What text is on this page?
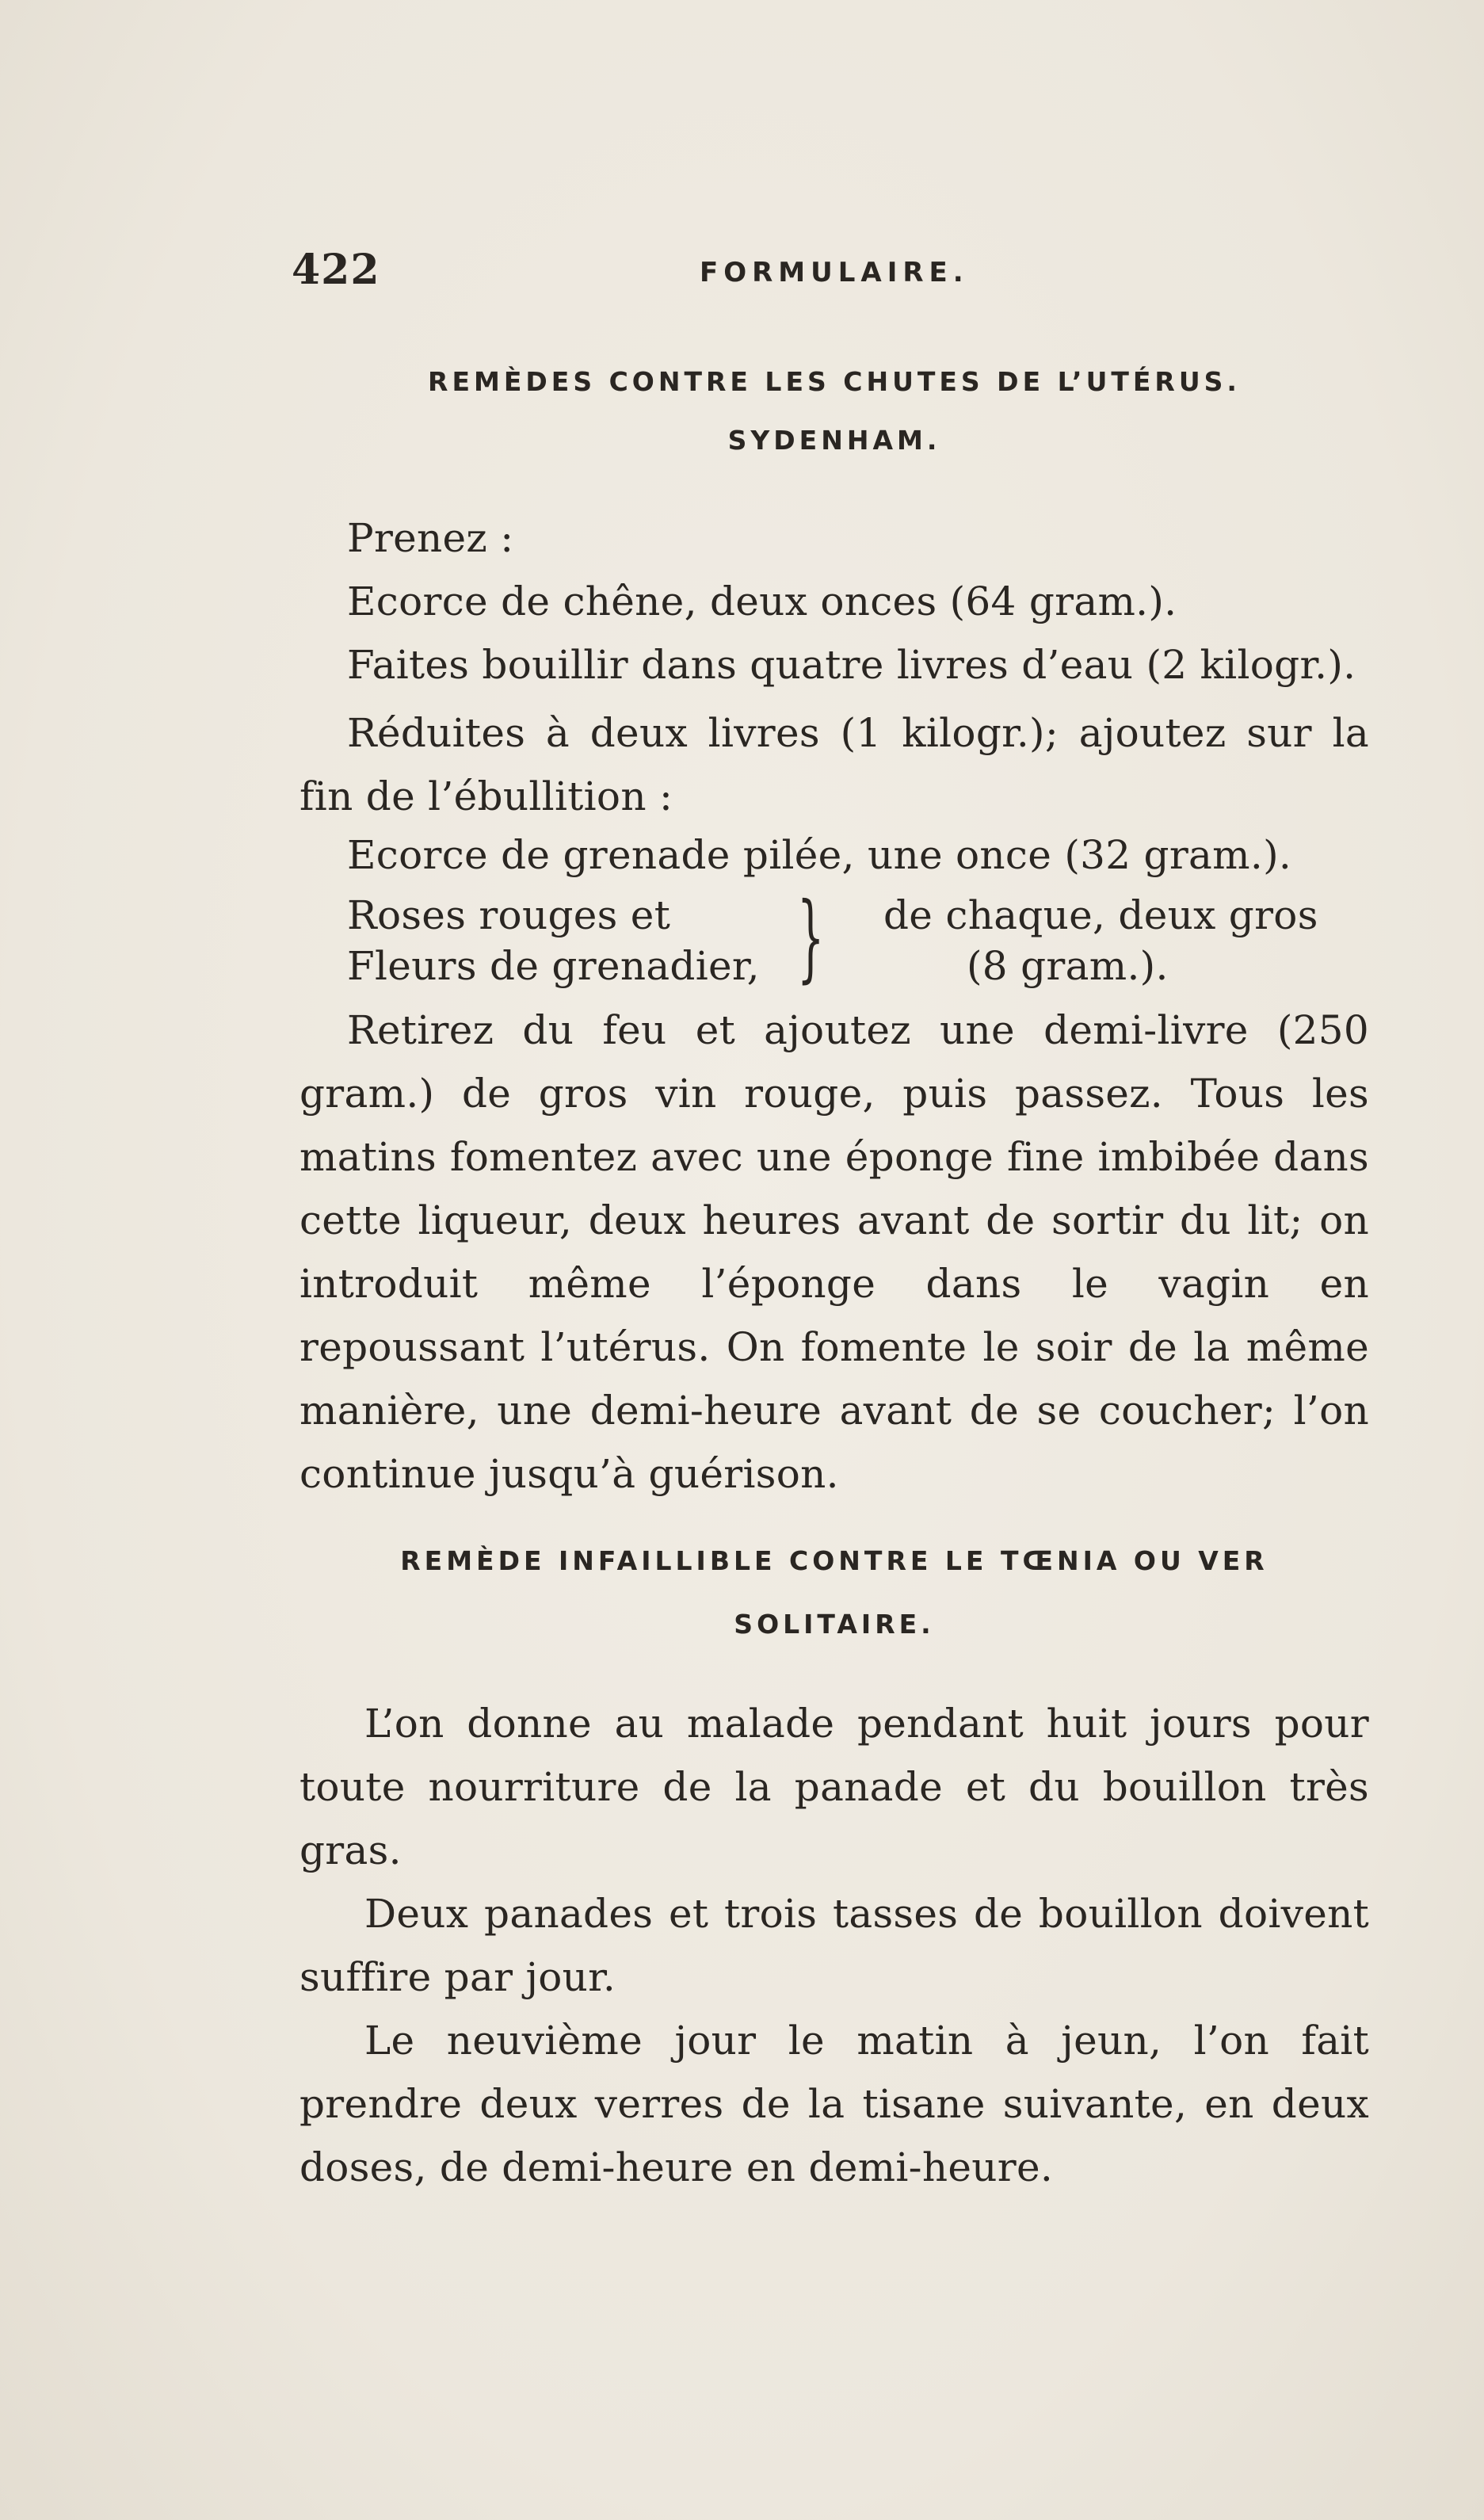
422	FORMULAIRE.
REMÈDES CONTRE LES CHUTES DE L’UTÉRUS.
SYDENHAM.
Prenez :
Ecorce de chêne, deux onces (64 gram.).
Faites bouillir dans quatre livres d’eau (2 kilogr.).
Réduites à deux livres (1 kilogr.); ajoutez sur la fin de l’ébullition :
Ecorce de grenade pilée, une once (32 gram.).
Roses rouges et
Fleurs de grenadier, } de chaque, deux gros
(8 gram.).
Retirez du feu et ajoutez une demi-livre (250 gram.) de gros vin rouge, puis passez. Tous les matins fomentez avec une éponge fine imbibée dans cette liqueur, deux heures avant de sortir du lit; on introduit même l’éponge dans le vagin en repoussant l’utérus. On fomente le soir de la même manière, une demi-heure avant de se coucher; l’on continue jusqu’à guérison.
REMÈDE INFAILLIBLE CONTRE LE TŒNIA OU VER
SOLITAIRE.
L’on donne au malade pendant huit jours pour toute nourriture de la panade et du bouillon très gras.
Deux panades et trois tasses de bouillon doivent suffire par jour.
Le neuvième jour le matin à jeun, l’on fait prendre deux verres de la tisane suivante, en deux doses, de demi-heure en demi-heure.
